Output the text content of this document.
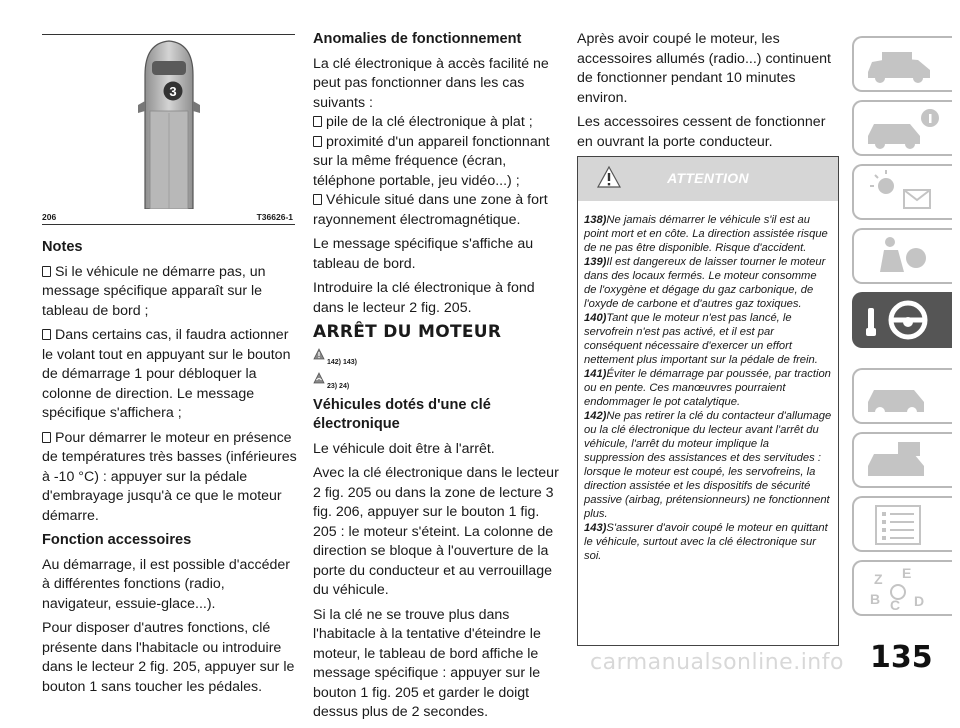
3
206	T36626-1

Notes

Si le véhicule ne démarre pas, un message spécifique apparaît sur le tableau de bord ;

Dans certains cas, il faudra actionner le volant tout en appuyant sur le bouton de démarrage 1 pour débloquer la colonne de direction. Le message spécifique s'affichera ;

Pour démarrer le moteur en présence de températures très basses (inférieures à -10 °C) : appuyer sur la pédale d'embrayage jusqu'à ce que le moteur démarre.

Fonction accessoires

Au démarrage, il est possible d'accéder à différentes fonctions (radio, navigateur, essuie-glace...).

Pour disposer d'autres fonctions, clé présente dans l'habitacle ou introduire dans le lecteur 2 fig. 205, appuyer sur le bouton 1 sans toucher les pédales.

Anomalies de fonctionnement

La clé électronique à accès facilité ne peut pas fonctionner dans les cas suivants :

pile de la clé électronique à plat ;

proximité d'un appareil fonctionnant sur la même fréquence (écran, téléphone portable, jeu vidéo...) ;

Véhicule situé dans une zone à fort rayonnement électromagnétique.

Le message spécifique s'affiche au tableau de bord.

Introduire la clé électronique à fond dans le lecteur 2 fig. 205.

ARRÊT DU MOTEUR

142) 143)
23) 24)

Véhicules dotés d'une clé électronique

Le véhicule doit être à l'arrêt.

Avec la clé électronique dans le lecteur 2 fig. 205 ou dans la zone de lecture 3 fig. 206, appuyer sur le bouton 1 fig. 205 : le moteur s'éteint. La colonne de direction se bloque à l'ouverture de la porte du conducteur et au verrouillage du véhicule.

Si la clé ne se trouve plus dans l'habitacle à la tentative d'éteindre le moteur, le tableau de bord affiche le message spécifique : appuyer sur le bouton 1 fig. 205 et garder le doigt dessus plus de 2 secondes.

Après avoir coupé le moteur, les accessoires allumés (radio...) continuent de fonctionner pendant 10 minutes environ.

Les accessoires cessent de fonctionner en ouvrant la porte conducteur.

ATTENTION

138)Ne jamais démarrer le véhicule s'il est au point mort et en côte. La direction assistée risque de ne pas être disponible. Risque d'accident.

139)Il est dangereux de laisser tourner le moteur dans des locaux fermés. Le moteur consomme de l'oxygène et dégage du gaz carbonique, de l'oxyde de carbone et d'autres gaz toxiques.

140)Tant que le moteur n'est pas lancé, le servofrein n'est pas activé, et il est par conséquent nécessaire d'exercer un effort nettement plus important sur la pédale de frein.

141)Éviter le démarrage par poussée, par traction ou en pente. Ces manœuvres pourraient endommager le pot catalytique.

142)Ne pas retirer la clé du contacteur d'allumage ou la clé électronique du lecteur avant l'arrêt du véhicule, l'arrêt du moteur implique la suppression des assistances et des servitudes : lorsque le moteur est coupé, les servofreins, la direction assistée et les dispositifs de sécurité passive (airbag, prétensionneurs) ne fonctionnent plus.

143)S'assurer d'avoir coupé le moteur en quittant le véhicule, surtout avec la clé électronique sur soi.

Z E
B C D
carmanualsonline.info 135
